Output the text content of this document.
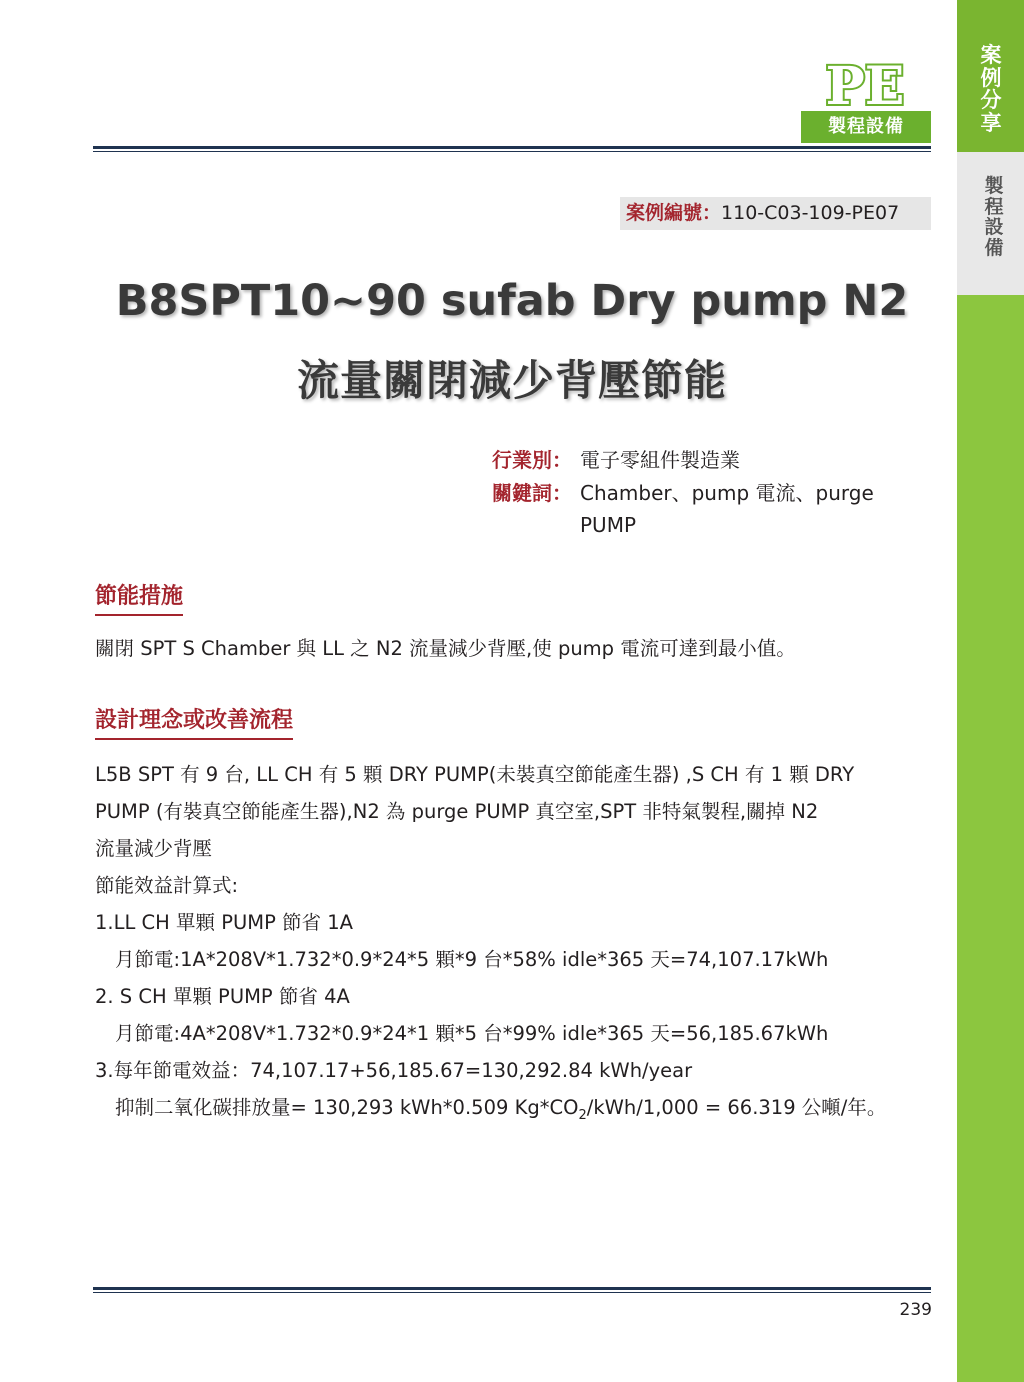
案
例
分
享
製
程
設
備
PE
製程設備
案例編號：110-C03-109-PE07
B8SPT10~90 sufab Dry pump N2
流量關閉減少背壓節能
行業別： 電子零組件製造業
關鍵詞： Chamber、pump 電流、purge
PUMP
節能措施
關閉 SPT S Chamber 與 LL 之 N2 流量減少背壓,使 pump 電流可達到最小值。
設計理念或改善流程
L5B SPT 有 9 台, LL CH 有 5 顆 DRY PUMP(未裝真空節能產生器) ,S CH 有 1 顆 DRY
PUMP (有裝真空節能產生器),N2 為 purge PUMP 真空室,SPT 非特氣製程,關掉 N2
流量減少背壓
節能效益計算式:
1.LL CH 單顆 PUMP 節省 1A
月節電:1A*208V*1.732*0.9*24*5 顆*9 台*58% idle*365 天=74,107.17kWh
2. S CH 單顆 PUMP 節省 4A
月節電:4A*208V*1.732*0.9*24*1 顆*5 台*99% idle*365 天=56,185.67kWh
3.每年節電效益：74,107.17+56,185.67=130,292.84 kWh/year
抑制二氧化碳排放量= 130,293 kWh*0.509 $Kg*CO_2/kWh/1,000 = 66.319$ 公噸/年。
239
